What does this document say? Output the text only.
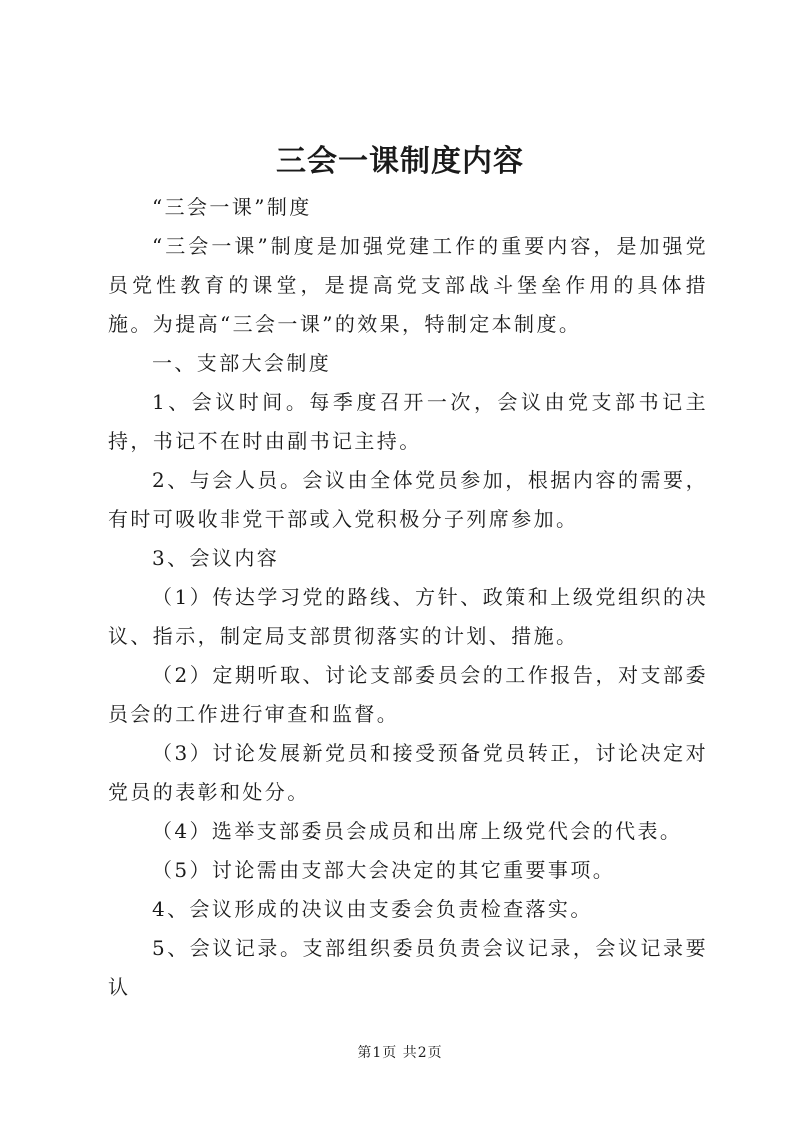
三会一课制度内容

“三会一课”制度

“三会一课”制度是加强党建工作的重要内容，是加强党员党性教育的课堂，是提高党支部战斗堡垒作用的具体措施。为提高“三会一课”的效果，特制定本制度。

一、支部大会制度

1、会议时间。每季度召开一次，会议由党支部书记主持，书记不在时由副书记主持。

2、与会人员。会议由全体党员参加，根据内容的需要，有时可吸收非党干部或入党积极分子列席参加。

3、会议内容

（1）传达学习党的路线、方针、政策和上级党组织的决议、指示，制定局支部贯彻落实的计划、措施。

（2）定期听取、讨论支部委员会的工作报告，对支部委员会的工作进行审查和监督。

（3）讨论发展新党员和接受预备党员转正，讨论决定对党员的表彰和处分。

（4）选举支部委员会成员和出席上级党代会的代表。

（5）讨论需由支部大会决定的其它重要事项。

4、会议形成的决议由支委会负责检查落实。

5、会议记录。支部组织委员负责会议记录，会议记录要认

第1页 共2页
